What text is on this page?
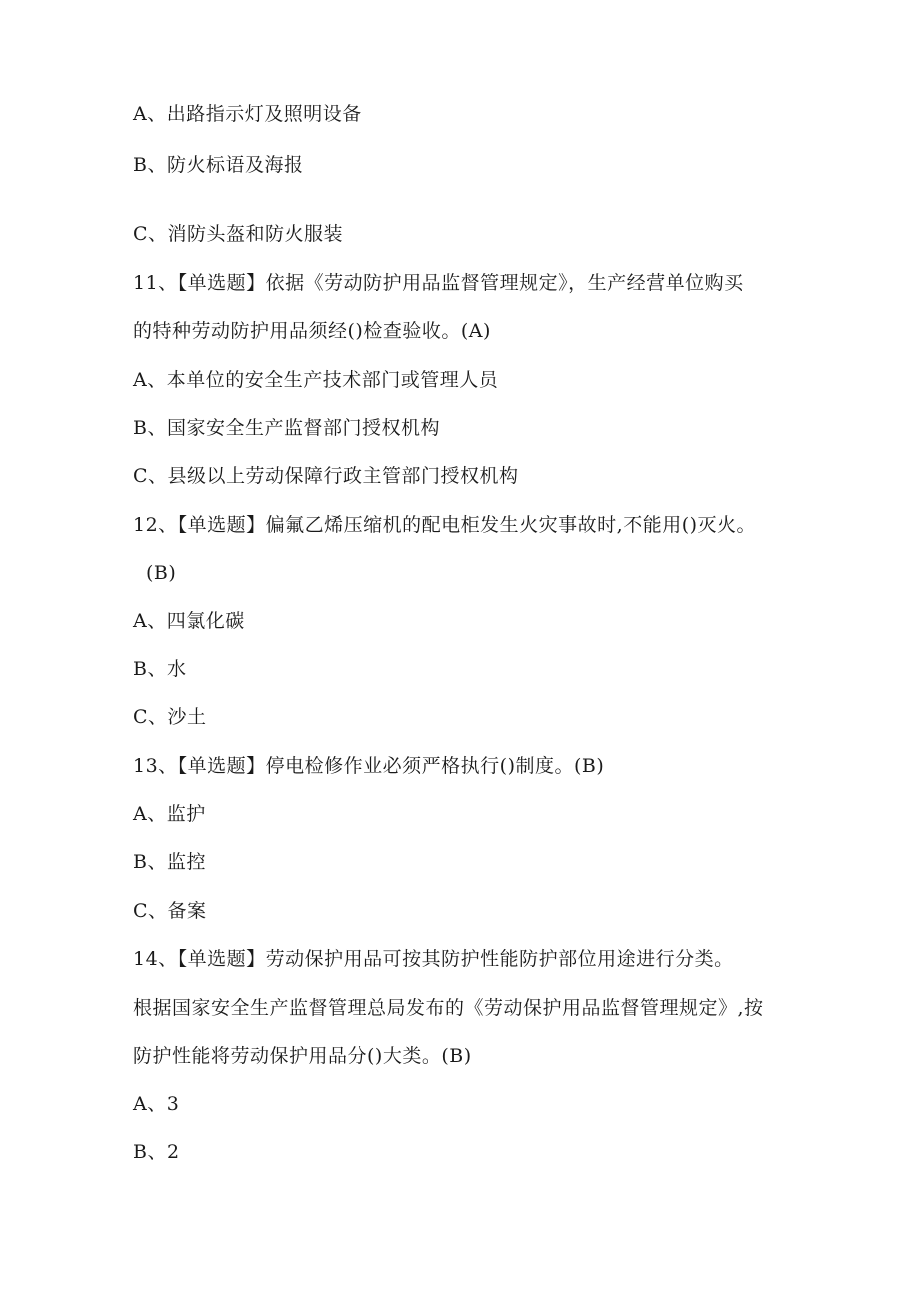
A、出路指示灯及照明设备
B、防火标语及海报
C、消防头盔和防火服装
11、【单选题】依据《劳动防护用品监督管理规定》，生产经营单位购买
的特种劳动防护用品须经()检查验收。(A)
A、本单位的安全生产技术部门或管理人员
B、国家安全生产监督部门授权机构
C、县级以上劳动保障行政主管部门授权机构
12、【单选题】偏氟乙烯压缩机的配电柜发生火灾事故时,不能用()灭火。
(B)
A、四氯化碳
B、水
C、沙土
13、【单选题】停电检修作业必须严格执行()制度。(B)
A、监护
B、监控
C、备案
14、【单选题】劳动保护用品可按其防护性能防护部位用途进行分类。
根据国家安全生产监督管理总局发布的《劳动保护用品监督管理规定》,按
防护性能将劳动保护用品分()大类。(B)
A、3
B、2
